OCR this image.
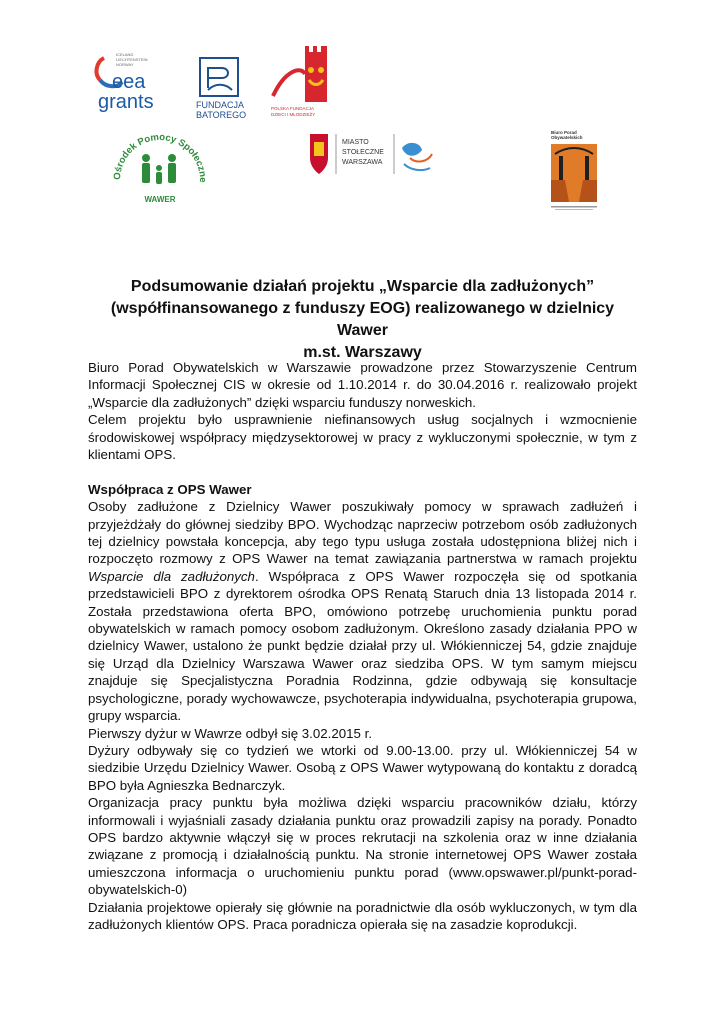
ICELAND
LIECHTENSTEIN
NORWAY
eea
grants	FUNDACJA
BATOREGO
POLSKA FUNDACJA
DZIECI I MŁODZIEŻY
Ośrodek Pomocy Społeczne
WAWER
MIASTO
STOŁECZNE
WARSZAWA
Biuro Porad
Obywatelskich
Podsumowanie działań projektu „Wsparcie dla zadłużonych”
(współfinansowanego z funduszy EOG) realizowanego w dzielnicy Wawer
m.st. Warszawy

Biuro Porad Obywatelskich w Warszawie prowadzone przez Stowarzyszenie Centrum Informacji Społecznej CIS w okresie od 1.10.2014 r. do 30.04.2016 r. realizowało projekt „Wsparcie dla zadłużonych” dzięki wsparciu funduszy norweskich.

Celem projektu było usprawnienie niefinansowych usług socjalnych i wzmocnienie środowiskowej współpracy międzysektorowej w pracy z wykluczonymi społecznie, w tym z klientami OPS.

Współpraca z OPS Wawer

Osoby zadłużone z Dzielnicy Wawer poszukiwały pomocy w sprawach zadłużeń i przyjeżdżały do głównej siedziby BPO. Wychodząc naprzeciw potrzebom osób zadłużonych tej dzielnicy powstała koncepcja, aby tego typu usługa została udostępniona bliżej nich i rozpoczęto rozmowy z OPS Wawer na temat zawiązania partnerstwa w ramach projektu Wsparcie dla zadłużonych. Współpraca z OPS Wawer rozpoczęła się od spotkania przedstawicieli BPO z dyrektorem ośrodka OPS Renatą Staruch dnia 13 listopada 2014 r. Została przedstawiona oferta BPO, omówiono potrzebę uruchomienia punktu porad obywatelskich w ramach pomocy osobom zadłużonym. Określono zasady działania PPO w dzielnicy Wawer, ustalono że punkt będzie działał przy ul. Włókienniczej 54, gdzie znajduje się Urząd dla Dzielnicy Warszawa Wawer oraz siedziba OPS. W tym samym miejscu znajduje się Specjalistyczna Poradnia Rodzinna, gdzie odbywają się konsultacje psychologiczne, porady wychowawcze, psychoterapia indywidualna, psychoterapia grupowa, grupy wsparcia.

Pierwszy dyżur w Wawrze odbył się 3.02.2015 r.

Dyżury odbywały się co tydzień we wtorki od 9.00-13.00. przy ul. Włókienniczej 54 w siedzibie Urzędu Dzielnicy Wawer. Osobą z OPS Wawer wytypowaną do kontaktu z doradcą BPO była Agnieszka Bednarczyk.

Organizacja pracy punktu była możliwa dzięki wsparciu pracowników działu, którzy informowali i wyjaśniali zasady działania punktu oraz prowadzili zapisy na porady. Ponadto OPS bardzo aktywnie włączył się w proces rekrutacji na szkolenia oraz w inne działania związane z promocją i działalnością punktu. Na stronie internetowej OPS Wawer została umieszczona informacja o uruchomieniu punktu porad (www.opswawer.pl/punkt-porad-obywatelskich-0)

Działania projektowe opierały się głównie na poradnictwie dla osób wykluczonych, w tym dla zadłużonych klientów OPS. Praca poradnicza opierała się na zasadzie koprodukcji.
